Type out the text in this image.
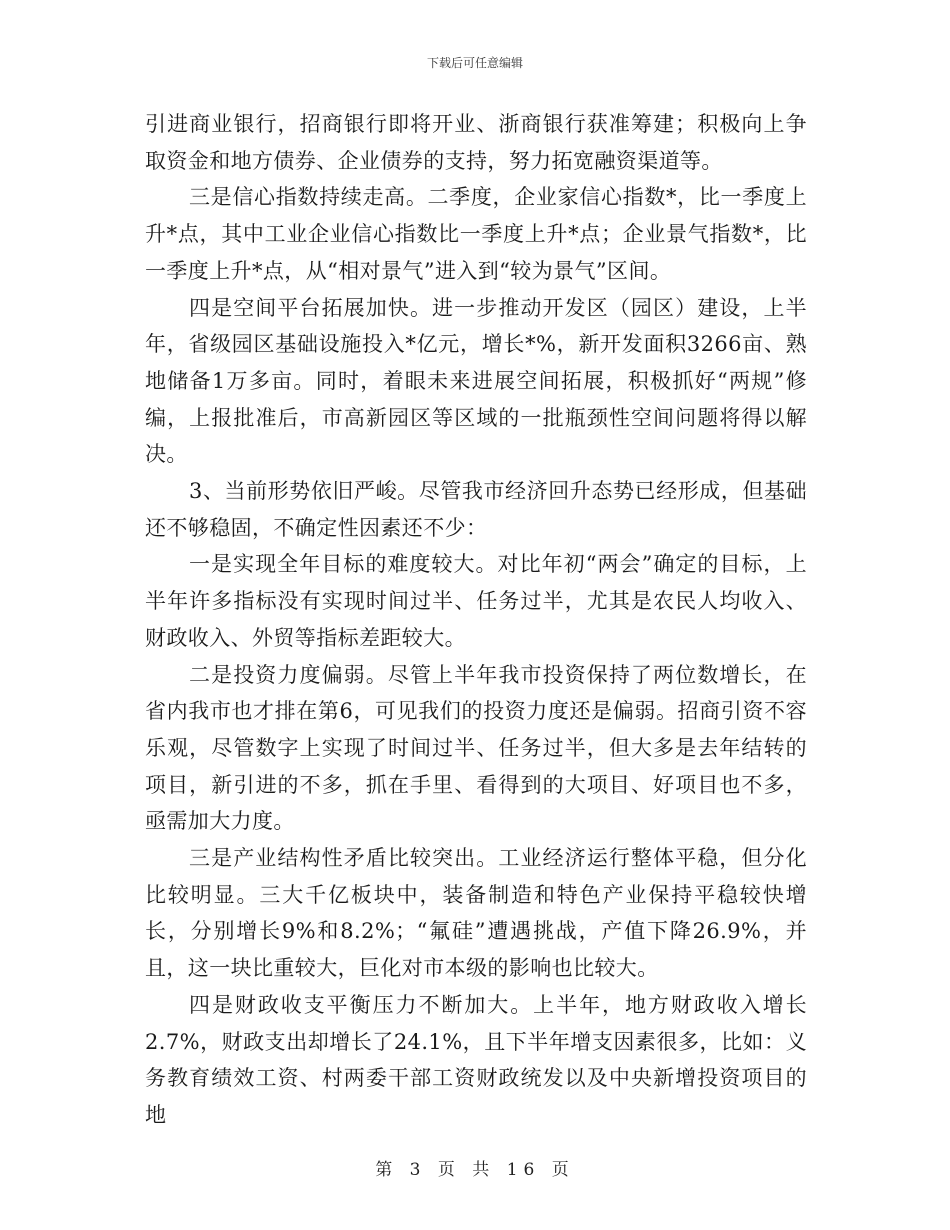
下载后可任意编辑

引进商业银行，招商银行即将开业、浙商银行获准筹建；积极向上争取资金和地方债券、企业债券的支持，努力拓宽融资渠道等。

三是信心指数持续走高。二季度，企业家信心指数*，比一季度上升*点，其中工业企业信心指数比一季度上升*点；企业景气指数*，比一季度上升*点，从“相对景气”进入到“较为景气”区间。

四是空间平台拓展加快。进一步推动开发区（园区）建设，上半年，省级园区基础设施投入*亿元，增长*%，新开发面积3266亩、熟地储备1万多亩。同时，着眼未来进展空间拓展，积极抓好“两规”修编，上报批准后，市高新园区等区域的一批瓶颈性空间问题将得以解决。

3、当前形势依旧严峻。尽管我市经济回升态势已经形成，但基础还不够稳固，不确定性因素还不少：

一是实现全年目标的难度较大。对比年初“两会”确定的目标，上半年许多指标没有实现时间过半、任务过半，尤其是农民人均收入、财政收入、外贸等指标差距较大。

二是投资力度偏弱。尽管上半年我市投资保持了两位数增长，在省内我市也才排在第6，可见我们的投资力度还是偏弱。招商引资不容乐观，尽管数字上实现了时间过半、任务过半，但大多是去年结转的项目，新引进的不多，抓在手里、看得到的大项目、好项目也不多，亟需加大力度。

三是产业结构性矛盾比较突出。工业经济运行整体平稳，但分化比较明显。三大千亿板块中，装备制造和特色产业保持平稳较快增长，分别增长9%和8.2%；“氟硅”遭遇挑战，产值下降26.9%，并且，这一块比重较大，巨化对市本级的影响也比较大。

四是财政收支平衡压力不断加大。上半年，地方财政收入增长2.7%，财政支出却增长了24.1%，且下半年增支因素很多，比如：义务教育绩效工资、村两委干部工资财政统发以及中央新增投资项目的地

第 3 页 共 16 页
